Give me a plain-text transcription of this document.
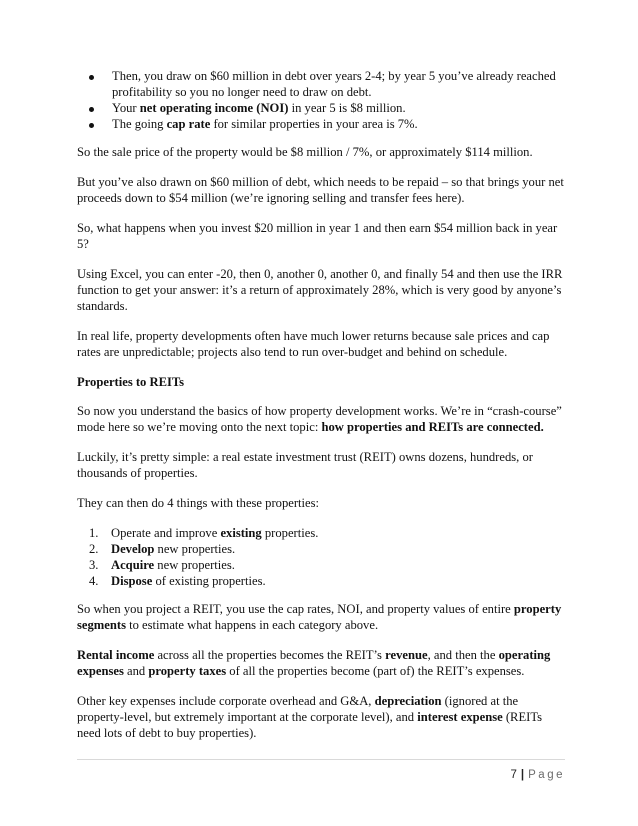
Then, you draw on $60 million in debt over years 2-4; by year 5 you’ve already reached profitability so you no longer need to draw on debt.
Your net operating income (NOI) in year 5 is $8 million.
The going cap rate for similar properties in your area is 7%.

So the sale price of the property would be $8 million / 7%, or approximately $114 million.

But you’ve also drawn on $60 million of debt, which needs to be repaid – so that brings your net proceeds down to $54 million (we’re ignoring selling and transfer fees here).

So, what happens when you invest $20 million in year 1 and then earn $54 million back in year 5?

Using Excel, you can enter -20, then 0, another 0, another 0, and finally 54 and then use the IRR function to get your answer: it’s a return of approximately 28%, which is very good by anyone’s standards.

In real life, property developments often have much lower returns because sale prices and cap rates are unpredictable; projects also tend to run over-budget and behind on schedule.

Properties to REITs

So now you understand the basics of how property development works. We’re in “crash-course” mode here so we’re moving onto the next topic: how properties and REITs are connected.

Luckily, it’s pretty simple: a real estate investment trust (REIT) owns dozens, hundreds, or thousands of properties.

They can then do 4 things with these properties:

1. Operate and improve existing properties.
2. Develop new properties.
3. Acquire new properties.
4. Dispose of existing properties.

So when you project a REIT, you use the cap rates, NOI, and property values of entire property segments to estimate what happens in each category above.

Rental income across all the properties becomes the REIT’s revenue, and then the operating expenses and property taxes of all the properties become (part of) the REIT’s expenses.

Other key expenses include corporate overhead and G&A, depreciation (ignored at the property-level, but extremely important at the corporate level), and interest expense (REITs need lots of debt to buy properties).

7 | Page
